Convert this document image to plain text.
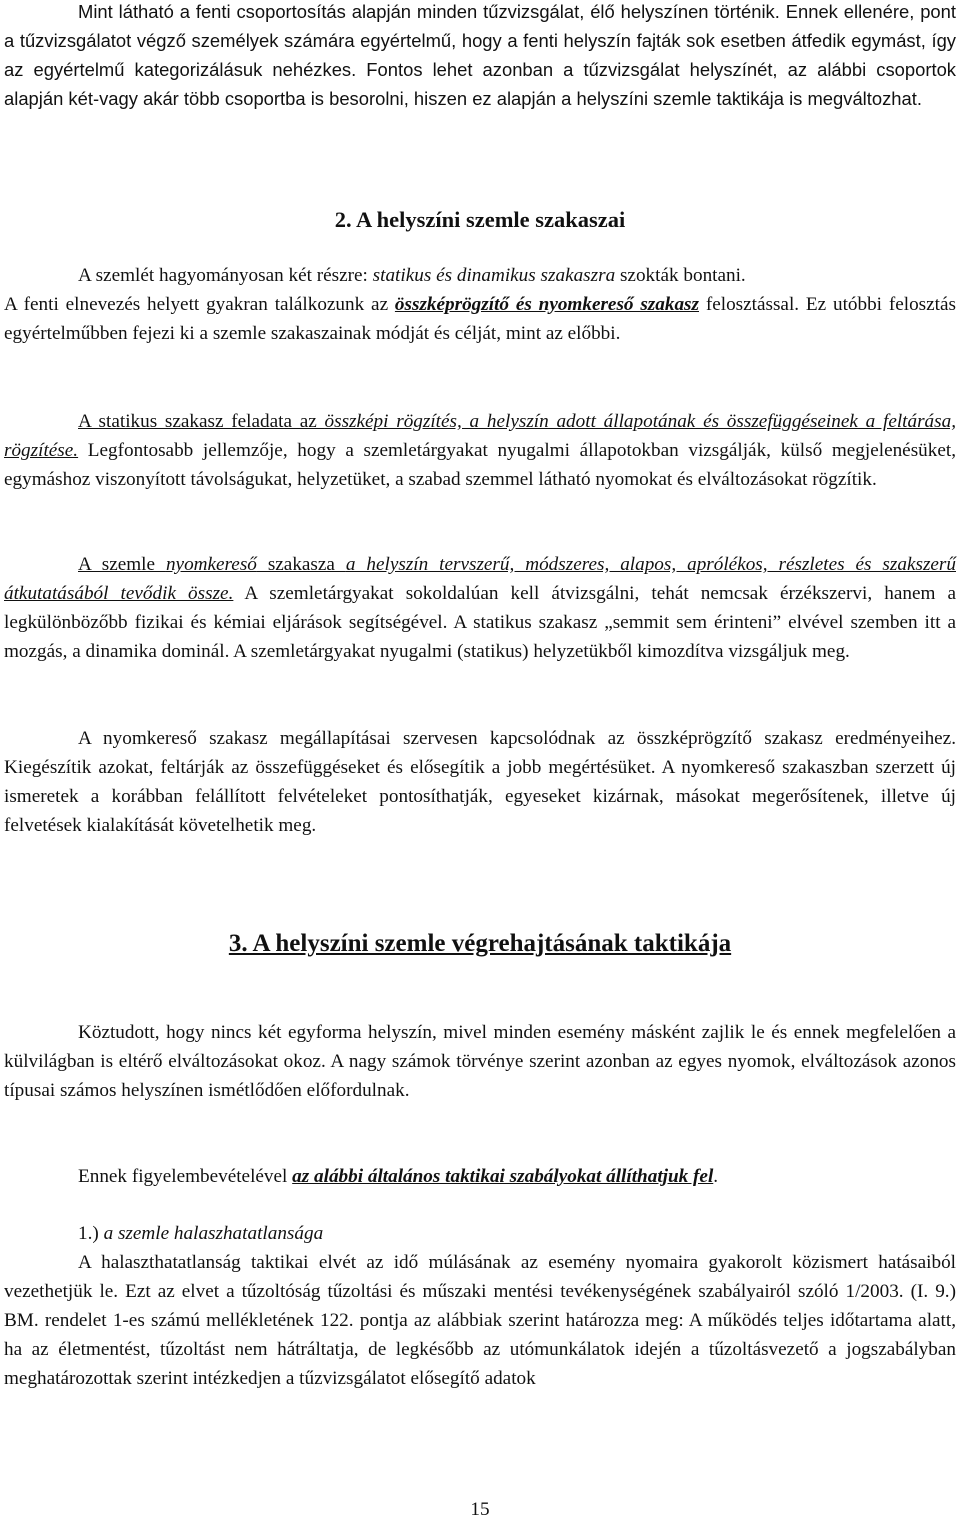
Mint látható a fenti csoportosítás alapján minden tűzvizsgálat, élő helyszínen történik. Ennek ellenére, pont a tűzvizsgálatot végző személyek számára egyértelmű, hogy a fenti helyszín fajták sok esetben átfedik egymást, így az egyértelmű kategorizálásuk nehézkes. Fontos lehet azonban a tűzvizsgálat helyszínét, az alábbi csoportok alapján két-vagy akár több csoportba is besorolni, hiszen ez alapján a helyszíni szemle taktikája is megváltozhat.

2. A helyszíni szemle szakaszai

A szemlét hagyományosan két részre: statikus és dinamikus szakaszra szokták bontani.

A fenti elnevezés helyett gyakran találkozunk az összképrögzítő és nyomkereső szakasz felosztással. Ez utóbbi felosztás egyértelműbben fejezi ki a szemle szakaszainak módját és célját, mint az előbbi.

A statikus szakasz feladata az összképi rögzítés, a helyszín adott állapotának és összefüggéseinek a feltárása, rögzítése. Legfontosabb jellemzője, hogy a szemletárgyakat nyugalmi állapotokban vizsgálják, külső megjelenésüket, egymáshoz viszonyított távolságukat, helyzetüket, a szabad szemmel látható nyomokat és elváltozásokat rögzítik.

A szemle nyomkereső szakasza a helyszín tervszerű, módszeres, alapos, aprólékos, részletes és szakszerű átkutatásából tevődik össze. A szemletárgyakat sokoldalúan kell átvizsgálni, tehát nemcsak érzékszervi, hanem a legkülönbözőbb fizikai és kémiai eljárások segítségével. A statikus szakasz „semmit sem érinteni” elvével szemben itt a mozgás, a dinamika dominál. A szemletárgyakat nyugalmi (statikus) helyzetükből kimozdítva vizsgáljuk meg.

A nyomkereső szakasz megállapításai szervesen kapcsolódnak az összképrögzítő szakasz eredményeihez. Kiegészítik azokat, feltárják az összefüggéseket és elősegítik a jobb megértésüket. A nyomkereső szakaszban szerzett új ismeretek a korábban felállított felvételeket pontosíthatják, egyeseket kizárnak, másokat megerősítenek, illetve új felvetések kialakítását követelhetik meg.

3. A helyszíni szemle végrehajtásának taktikája

Köztudott, hogy nincs két egyforma helyszín, mivel minden esemény másként zajlik le és ennek megfelelően a külvilágban is eltérő elváltozásokat okoz. A nagy számok törvénye szerint azonban az egyes nyomok, elváltozások azonos típusai számos helyszínen ismétlődően előfordulnak.

Ennek figyelembevételével az alábbi általános taktikai szabályokat állíthatjuk fel.

1.) a szemle halaszhatatlansága

A halaszthatatlanság taktikai elvét az idő múlásának az esemény nyomaira gyakorolt közismert hatásaiból vezethetjük le. Ezt az elvet a tűzoltóság tűzoltási és műszaki mentési tevékenységének szabályairól szóló 1/2003. (I. 9.) BM. rendelet 1-es számú mellékletének 122. pontja az alábbiak szerint határozza meg: A működés teljes időtartama alatt, ha az életmentést, tűzoltást nem hátráltatja, de legkésőbb az utómunkálatok idején a tűzoltásvezető a jogszabályban meghatározottak szerint intézkedjen a tűzvizsgálatot elősegítő adatok

15
